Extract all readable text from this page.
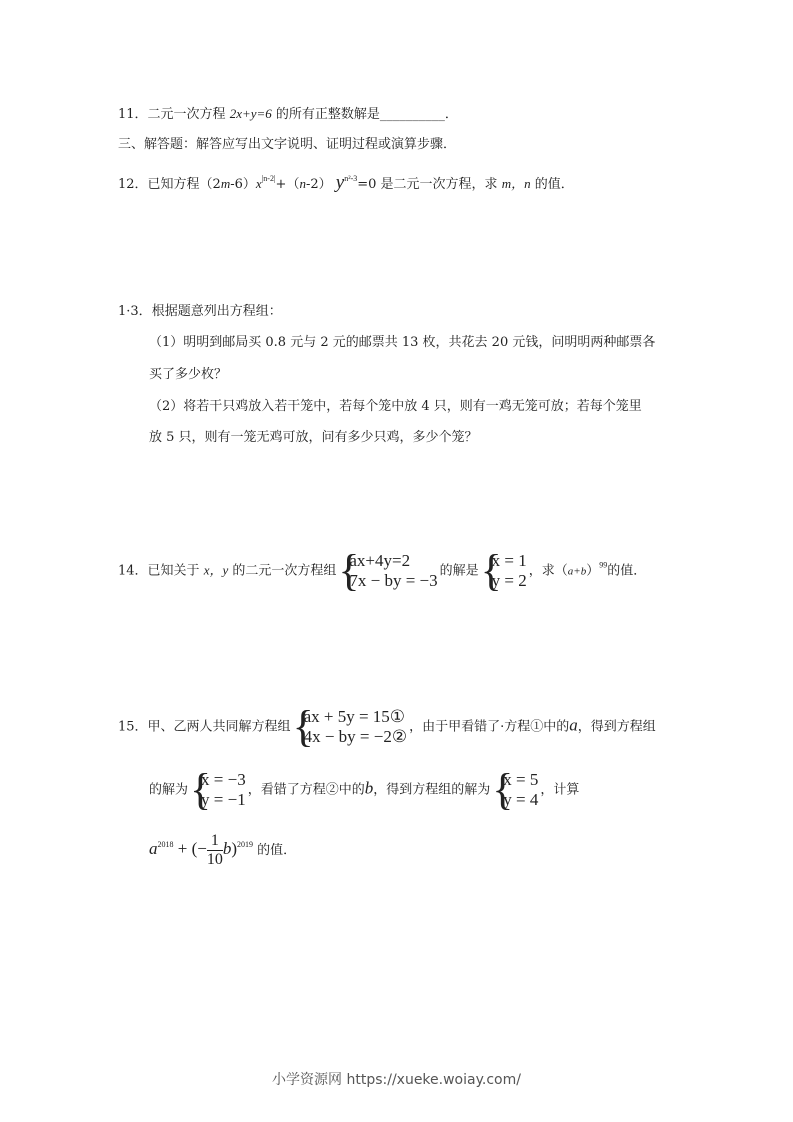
11．二元一次方程 2x+y=6 的所有正整数解是__________．
三、解答题：解答应写出文字说明、证明过程或演算步骤．
12．已知方程$(2m-6)x^{|n-2|}+(n-2)$ $y^{n^2-3}=0$ 是二元一次方程，求 m，n 的值．
1·3．根据题意列出方程组：
（1）明明到邮局买 0.8 元与 2 元的邮票共 13 枚，共花去 20 元钱，问明明两种邮票各
买了多少枚？
（2）将若干只鸡放入若干笼中，若每个笼中放 4 只，则有一鸡无笼可放；若每个笼里
放 5 只，则有一笼无鸡可放，问有多少只鸡，多少个笼？
14．已知关于 x，y 的二元一次方程组 {
ax+4y=2
7x − by = −3 的解是 {
x = 1
y = 2 ，求$(a+b)^{99}$的值．
15．甲、乙两人共同解方程组 {
ax + 5y = 15①
4x − by = −2② ，由于甲看错了·方程①中的a，得到方程组
的解为 {
x = −3
y = −1 ，看错了方程②中的b，得到方程组的解为 {
x = 5
y = 4 ，计算
$a^{2018}$ + (− $\frac{1}{10} b)^{2019}$ 的值．
小学资源网 https://xueke.woiay.com/
